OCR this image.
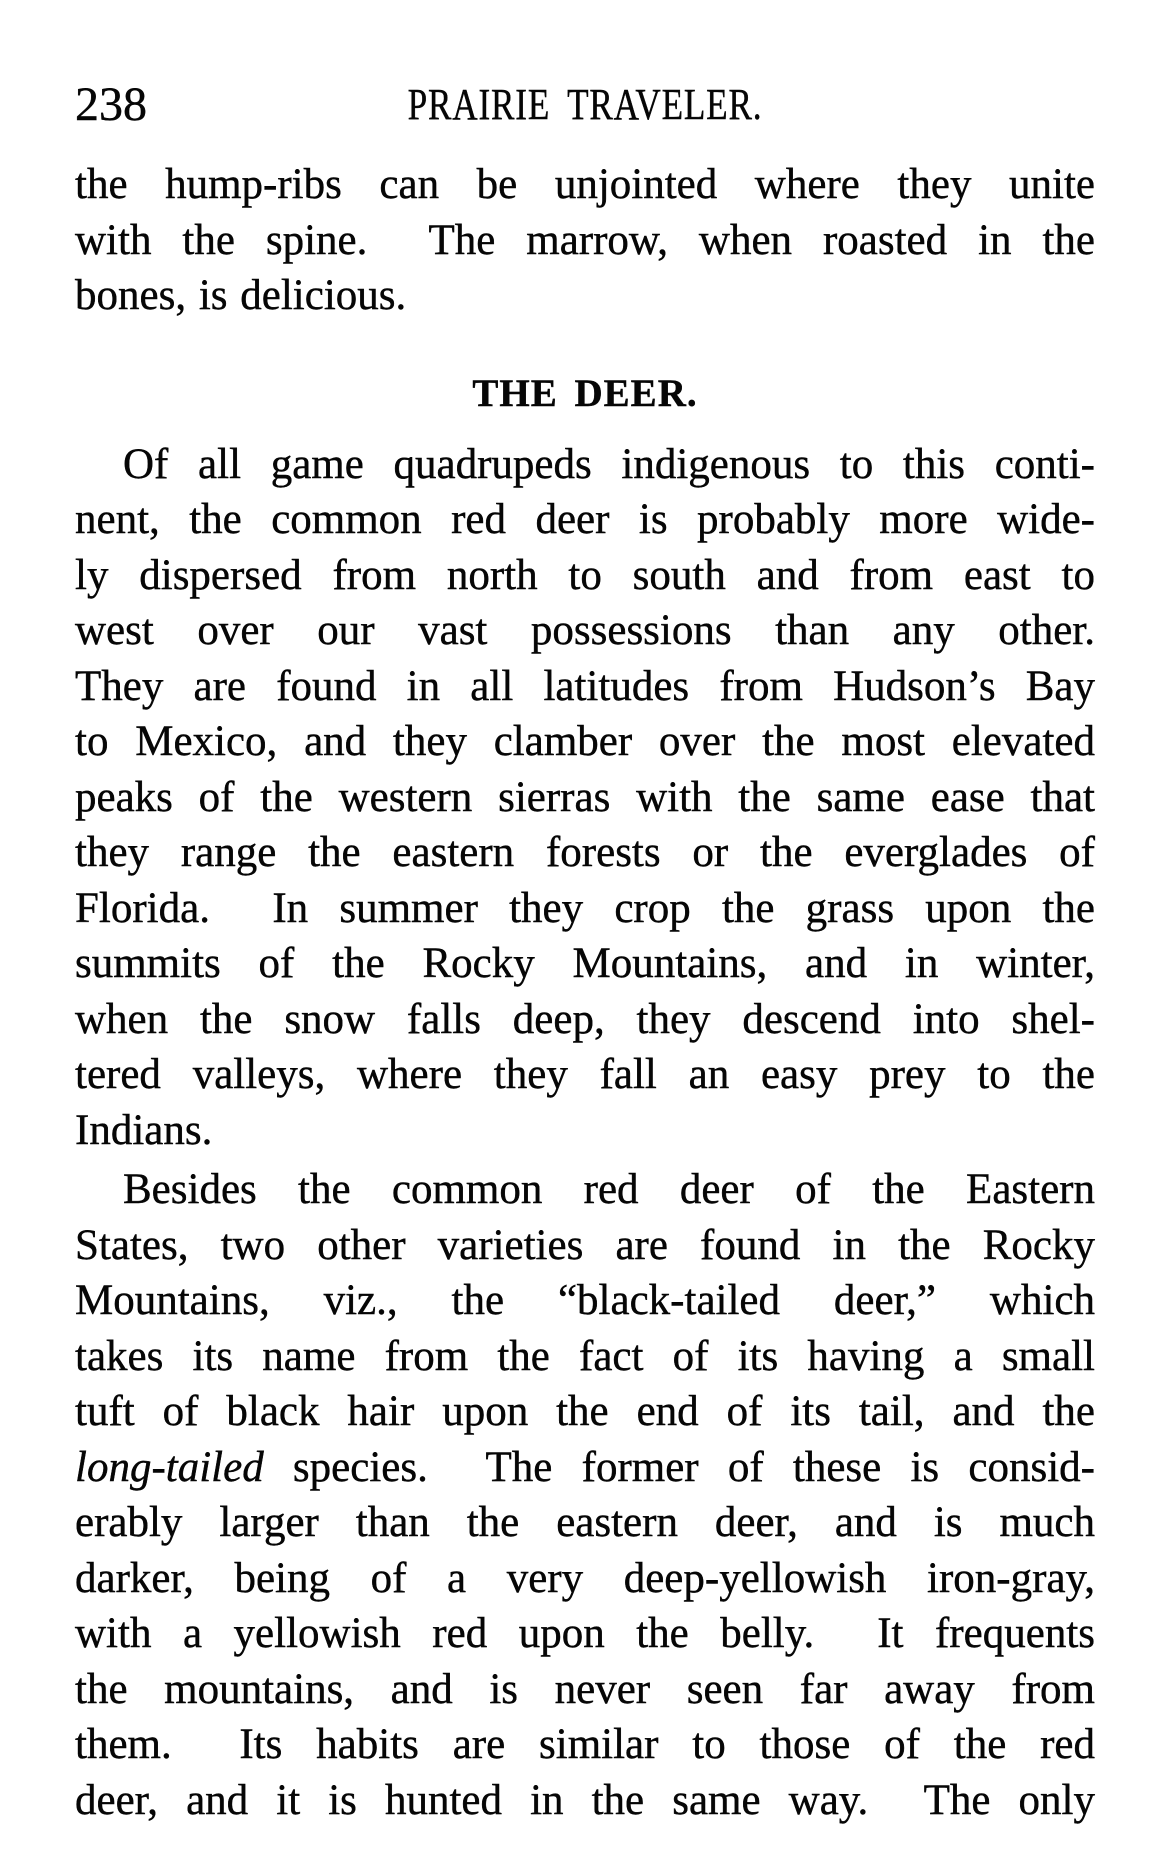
238	PRAIRIE TRAVELER.
the hump-ribs can be unjointed where they unite
with the spine.  The marrow, when roasted in the
bones, is delicious.
THE DEER.
Of all game quadrupeds indigenous to this conti-
nent, the common red deer is probably more wide-
ly dispersed from north to south and from east to
west over our vast possessions than any other.
They are found in all latitudes from Hudson’s Bay
to Mexico, and they clamber over the most elevated
peaks of the western sierras with the same ease that
they range the eastern forests or the everglades of
Florida.  In summer they crop the grass upon the
summits of the Rocky Mountains, and in winter,
when the snow falls deep, they descend into shel-
tered valleys, where they fall an easy prey to the
Indians.
Besides the common red deer of the Eastern
States, two other varieties are found in the Rocky
Mountains, viz., the “black-tailed deer,” which
takes its name from the fact of its having a small
tuft of black hair upon the end of its tail, and the
long-tailed species.  The former of these is consid-
erably larger than the eastern deer, and is much
darker, being of a very deep-yellowish iron-gray,
with a yellowish red upon the belly.  It frequents
the mountains, and is never seen far away from
them.  Its habits are similar to those of the red
deer, and it is hunted in the same way.  The only
